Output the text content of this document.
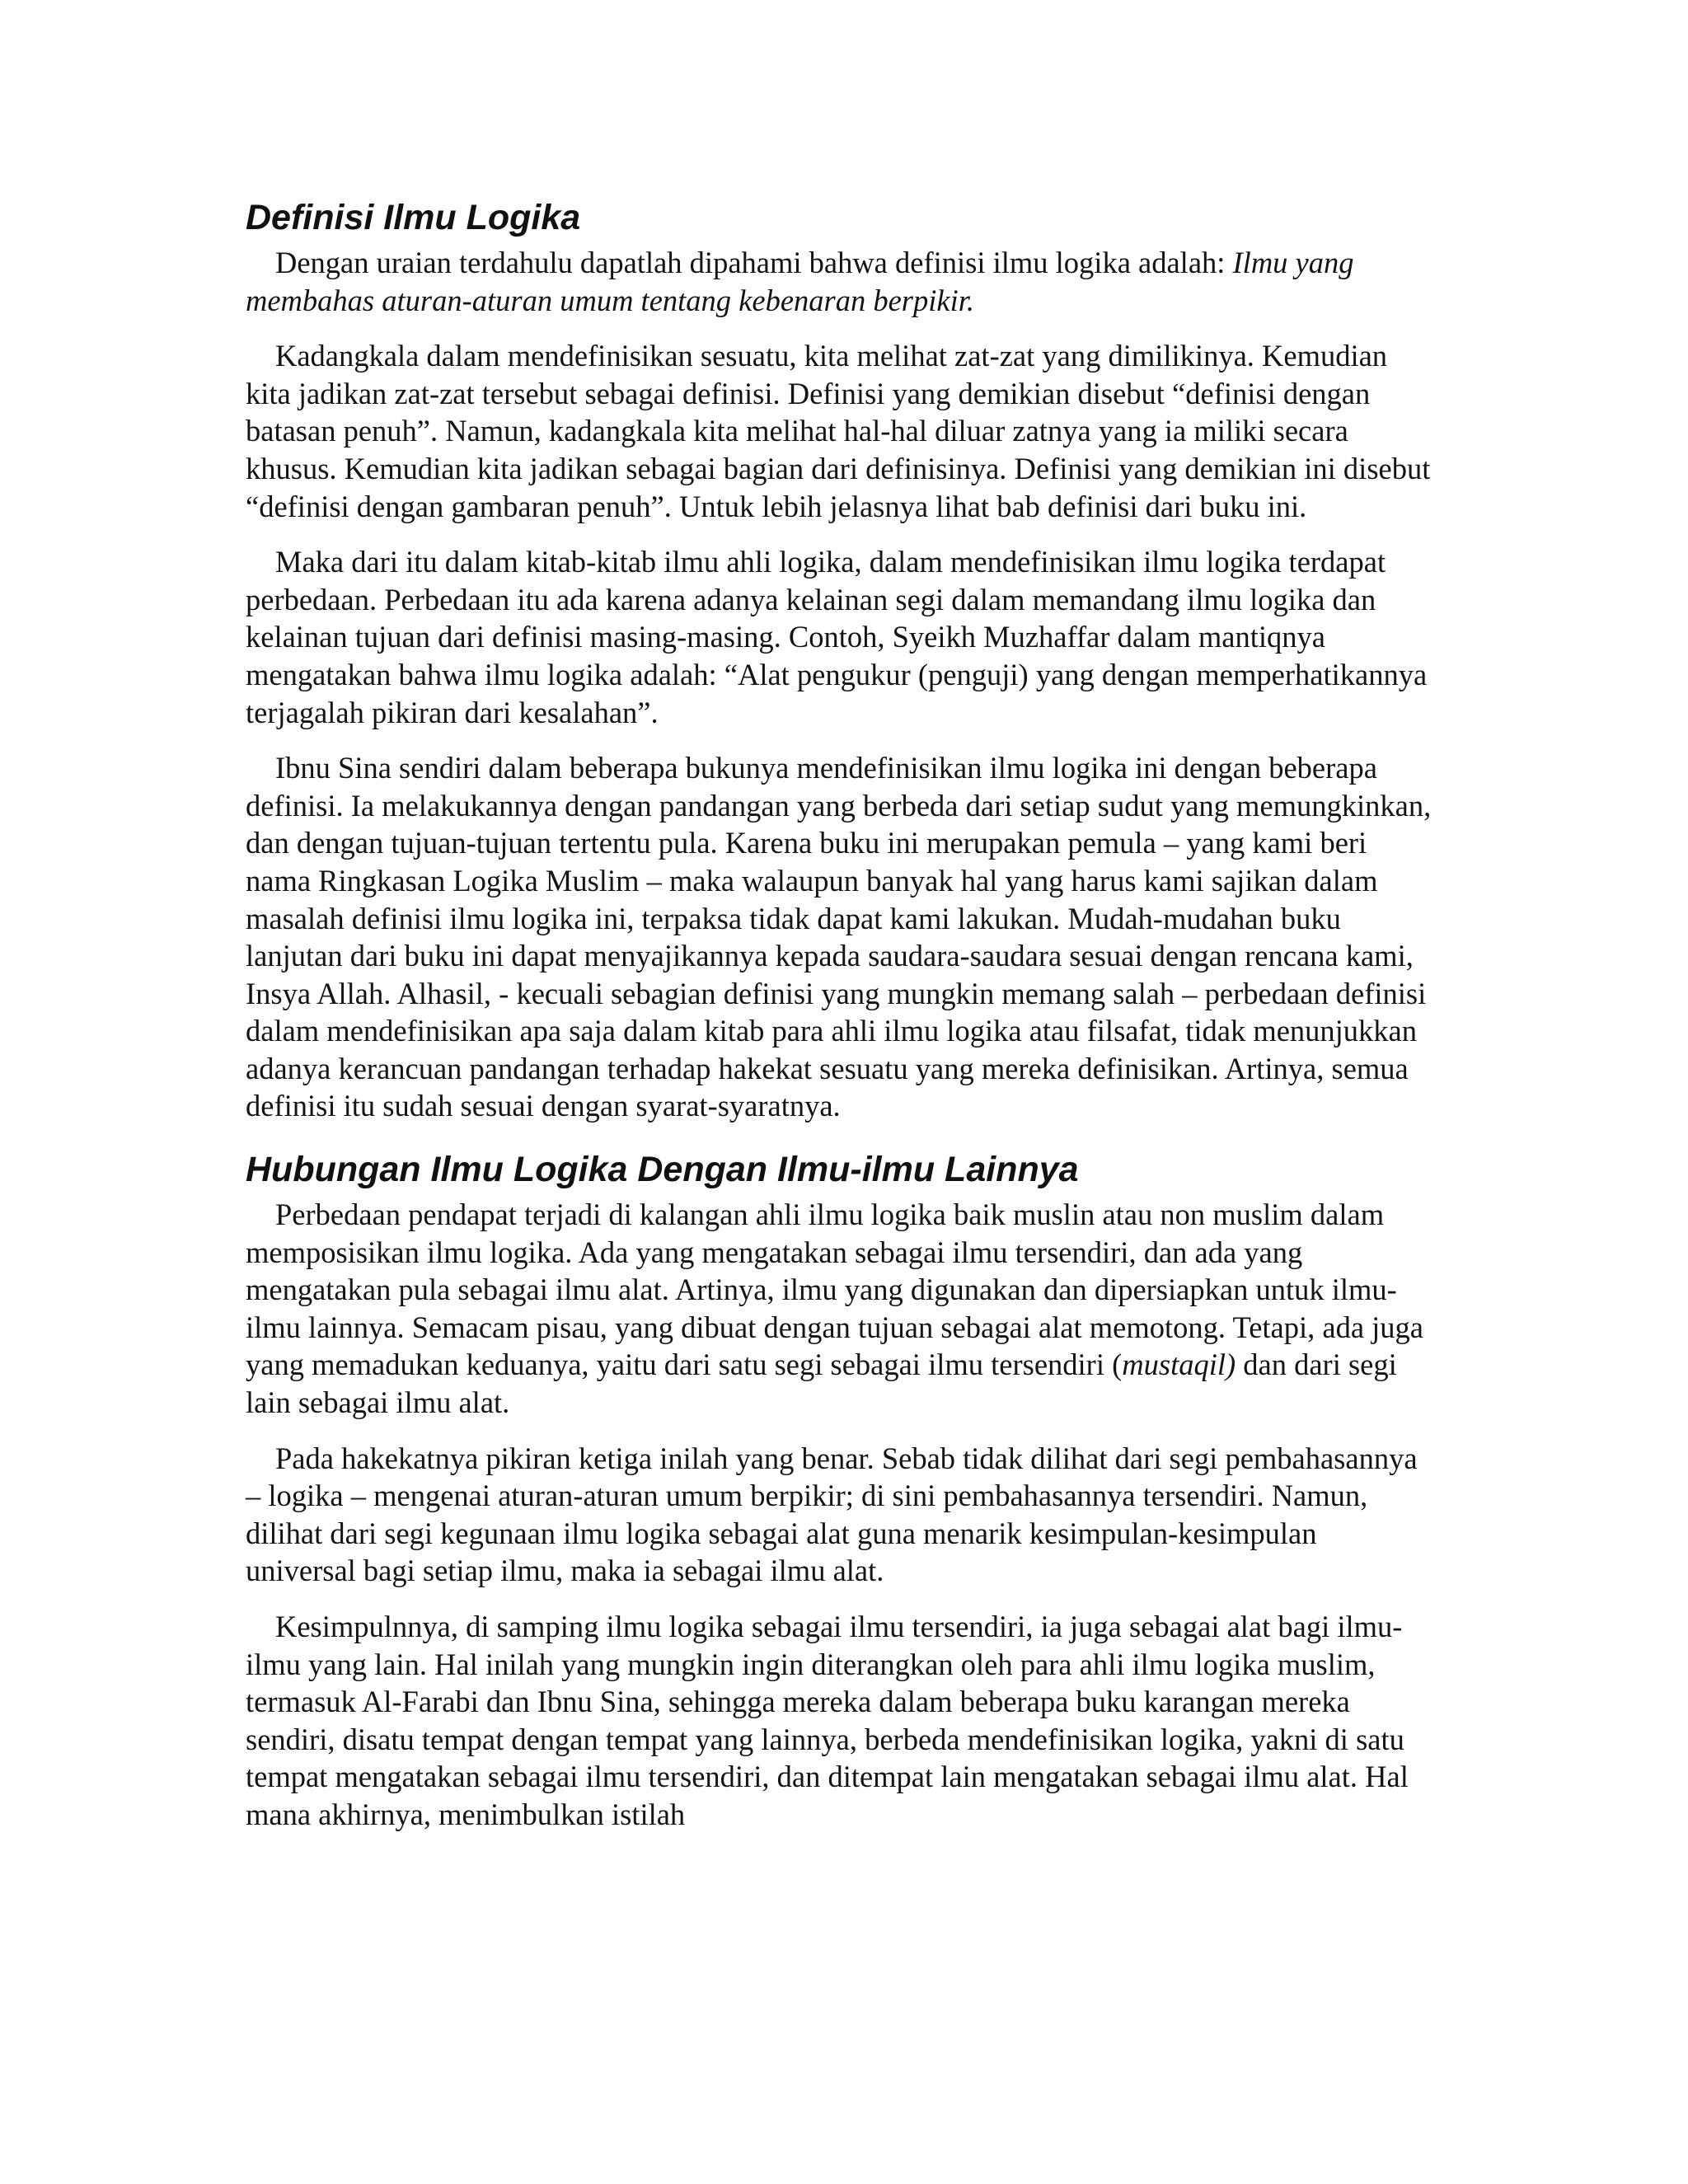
Definisi Ilmu Logika

Dengan uraian terdahulu dapatlah dipahami bahwa definisi ilmu logika adalah: Ilmu yang membahas aturan-aturan umum tentang kebenaran berpikir.

Kadangkala dalam mendefinisikan sesuatu, kita melihat zat-zat yang dimilikinya. Kemudian kita jadikan zat-zat tersebut sebagai definisi. Definisi yang demikian disebut “definisi dengan batasan penuh”. Namun, kadangkala kita melihat hal-hal diluar zatnya yang ia miliki secara khusus. Kemudian kita jadikan sebagai bagian dari definisinya. Definisi yang demikian ini disebut “definisi dengan gambaran penuh”. Untuk lebih jelasnya lihat bab definisi dari buku ini.

Maka dari itu dalam kitab-kitab ilmu ahli logika, dalam mendefinisikan ilmu logika terdapat perbedaan. Perbedaan itu ada karena adanya kelainan segi dalam memandang ilmu logika dan kelainan tujuan dari definisi masing-masing. Contoh, Syeikh Muzhaffar dalam mantiqnya mengatakan bahwa ilmu logika adalah: “Alat pengukur (penguji) yang dengan memperhatikannya terjagalah pikiran dari kesalahan”.

Ibnu Sina sendiri dalam beberapa bukunya mendefinisikan ilmu logika ini dengan beberapa definisi. Ia melakukannya dengan pandangan yang berbeda dari setiap sudut yang memungkinkan, dan dengan tujuan-tujuan tertentu pula. Karena buku ini merupakan pemula – yang kami beri nama Ringkasan Logika Muslim – maka walaupun banyak hal yang harus kami sajikan dalam masalah definisi ilmu logika ini, terpaksa tidak dapat kami lakukan. Mudah-mudahan buku lanjutan dari buku ini dapat menyajikannya kepada saudara-saudara sesuai dengan rencana kami, Insya Allah. Alhasil, - kecuali sebagian definisi yang mungkin memang salah – perbedaan definisi dalam mendefinisikan apa saja dalam kitab para ahli ilmu logika atau filsafat, tidak menunjukkan adanya kerancuan pandangan terhadap hakekat sesuatu yang mereka definisikan. Artinya, semua definisi itu sudah sesuai dengan syarat-syaratnya.

Hubungan Ilmu Logika Dengan Ilmu-ilmu Lainnya

Perbedaan pendapat terjadi di kalangan ahli ilmu logika baik muslin atau non muslim dalam memposisikan ilmu logika. Ada yang mengatakan sebagai ilmu tersendiri, dan ada yang mengatakan pula sebagai ilmu alat. Artinya, ilmu yang digunakan dan dipersiapkan untuk ilmu-ilmu lainnya. Semacam pisau, yang dibuat dengan tujuan sebagai alat memotong. Tetapi, ada juga yang memadukan keduanya, yaitu dari satu segi sebagai ilmu tersendiri (mustaqil) dan dari segi lain sebagai ilmu alat.

Pada hakekatnya pikiran ketiga inilah yang benar. Sebab tidak dilihat dari segi pembahasannya – logika – mengenai aturan-aturan umum berpikir; di sini pembahasannya tersendiri. Namun, dilihat dari segi kegunaan ilmu logika sebagai alat guna menarik kesimpulan-kesimpulan universal bagi setiap ilmu, maka ia sebagai ilmu alat.

Kesimpulnnya, di samping ilmu logika sebagai ilmu tersendiri, ia juga sebagai alat bagi ilmu-ilmu yang lain. Hal inilah yang mungkin ingin diterangkan oleh para ahli ilmu logika muslim, termasuk Al-Farabi dan Ibnu Sina, sehingga mereka dalam beberapa buku karangan mereka sendiri, disatu tempat dengan tempat yang lainnya, berbeda mendefinisikan logika, yakni di satu tempat mengatakan sebagai ilmu tersendiri, dan ditempat lain mengatakan sebagai ilmu alat. Hal mana akhirnya, menimbulkan istilah
